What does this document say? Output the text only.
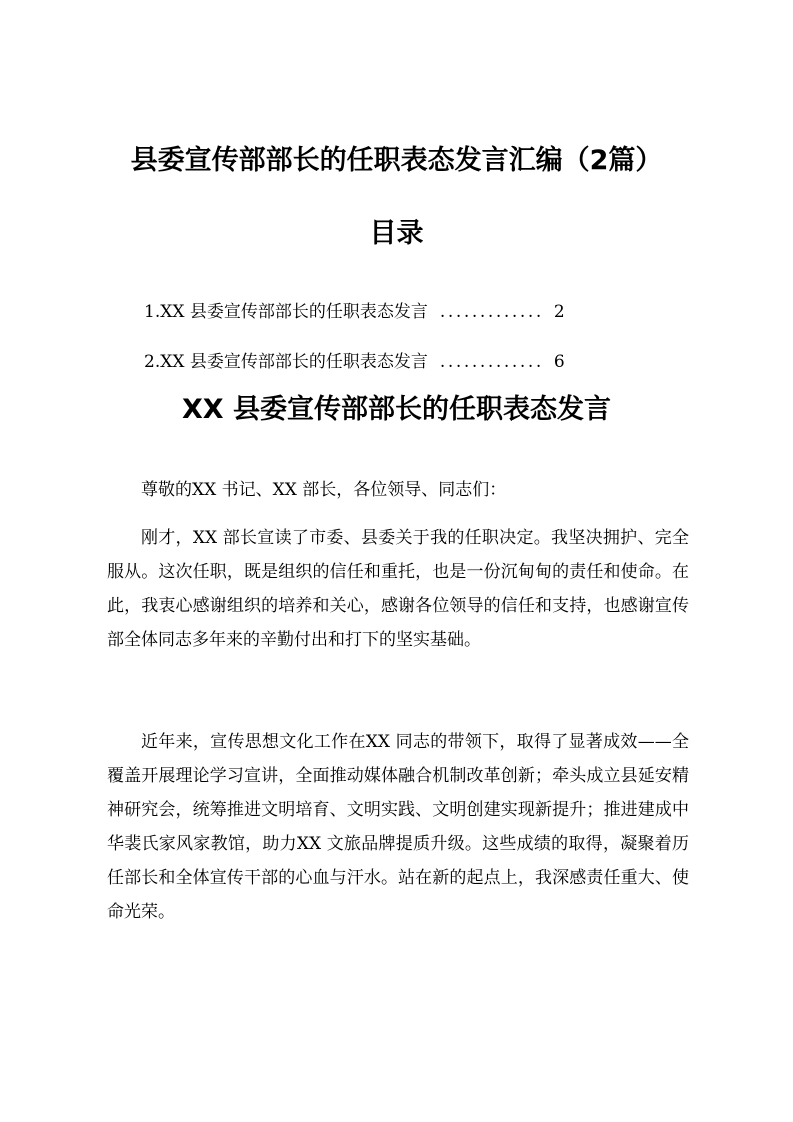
县委宣传部部长的任职表态发言汇编（2篇）
目录
1.XX 县委宣传部部长的任职表态发言 ............. 2
2.XX 县委宣传部部长的任职表态发言 ............. 6
XX 县委宣传部部长的任职表态发言

尊敬的XX 书记、XX 部长，各位领导、同志们：

刚才，XX 部长宣读了市委、县委关于我的任职决定。我坚决拥护、完全服从。这次任职，既是组织的信任和重托，也是一份沉甸甸的责任和使命。在此，我衷心感谢组织的培养和关心，感谢各位领导的信任和支持，也感谢宣传部全体同志多年来的辛勤付出和打下的坚实基础。

近年来，宣传思想文化工作在XX 同志的带领下，取得了显著成效——全覆盖开展理论学习宣讲，全面推动媒体融合机制改革创新；牵头成立县延安精神研究会，统筹推进文明培育、文明实践、文明创建实现新提升；推进建成中华裴氏家风家教馆，助力XX 文旅品牌提质升级。这些成绩的取得，凝聚着历任部长和全体宣传干部的心血与汗水。站在新的起点上，我深感责任重大、使命光荣。
